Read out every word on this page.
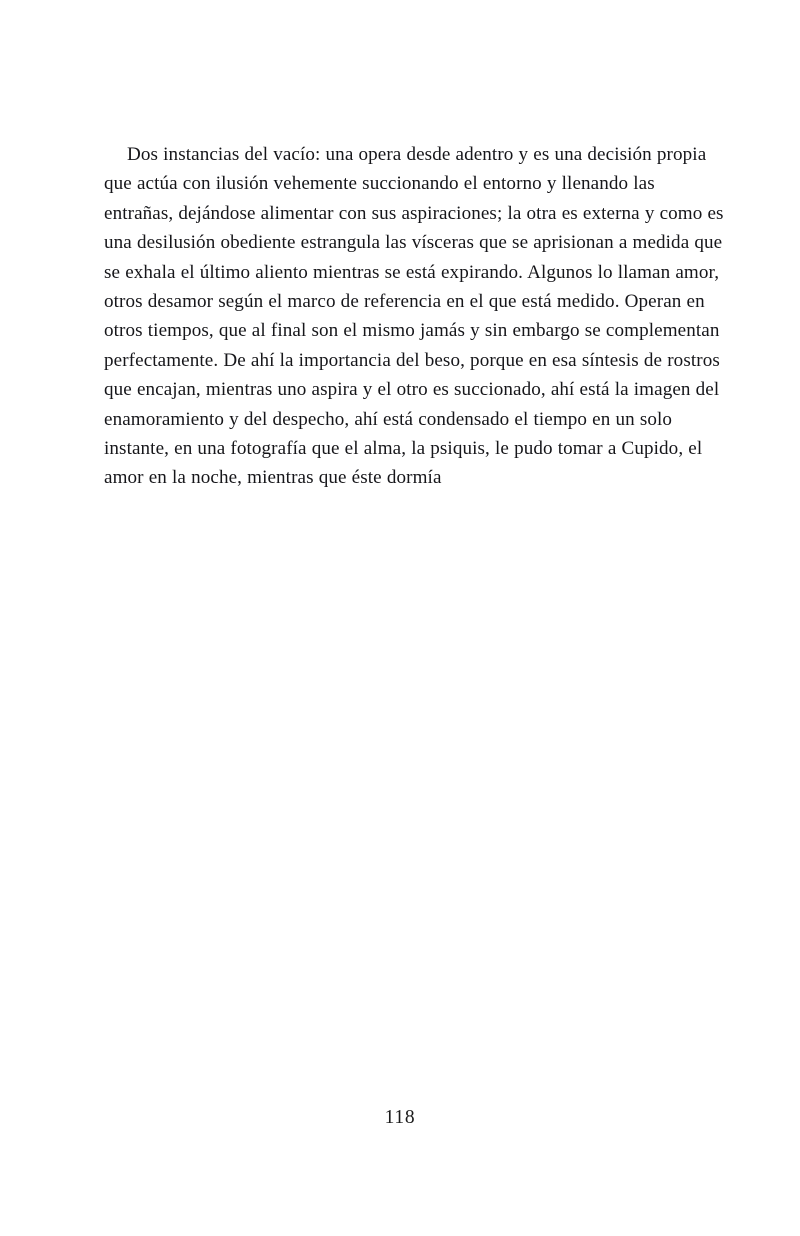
Dos instancias del vacío: una opera desde adentro y es una decisión propia que actúa con ilusión vehemente succionando el entorno y llenando las entrañas, dejándose alimentar con sus aspiraciones; la otra es externa y como es una desilusión obediente estrangula las vísceras que se aprisionan a medida que se exhala el último aliento mientras se está expirando. Algunos lo llaman amor, otros desamor según el marco de referencia en el que está medido. Operan en otros tiempos, que al final son el mismo jamás y sin embargo se complementan perfectamente. De ahí la importancia del beso, porque en esa síntesis de rostros que encajan, mientras uno aspira y el otro es succionado, ahí está la imagen del enamoramiento y del despecho, ahí está condensado el tiempo en un solo instante, en una fotografía que el alma, la psiquis, le pudo tomar a Cupido, el amor en la noche, mientras que éste dormía

118
